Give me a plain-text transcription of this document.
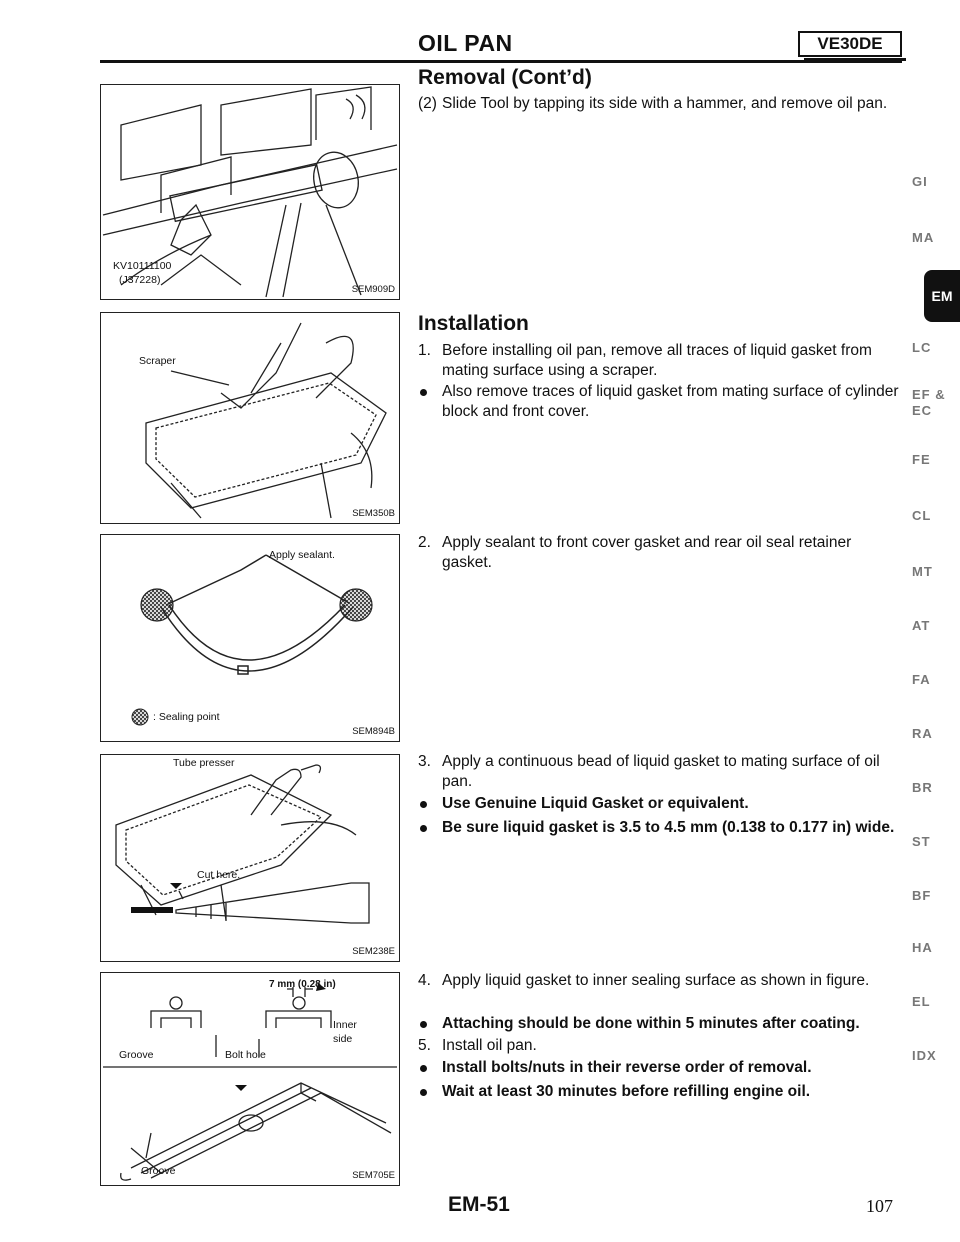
OIL PAN	VE30DE
Removal (Cont’d)
(2) Slide Tool by tapping its side with a hammer, and remove oil pan.
Installation
1. Before installing oil pan, remove all traces of liquid gasket from mating surface using a scraper.
Also remove traces of liquid gasket from mating surface of cylinder block and front cover.
2. Apply sealant to front cover gasket and rear oil seal retainer gasket.
3. Apply a continuous bead of liquid gasket to mating surface of oil pan.
Use Genuine Liquid Gasket or equivalent.
Be sure liquid gasket is 3.5 to 4.5 mm (0.138 to 0.177 in) wide.
4. Apply liquid gasket to inner sealing surface as shown in figure.
Attaching should be done within 5 minutes after coating.
5. Install oil pan.
Install bolts/nuts in their reverse order of removal.
Wait at least 30 minutes before refilling engine oil.
KV10111100
(J37228)
SEM909D
Scraper
SEM350B
Apply sealant.
: Sealing point
SEM894B
Tube presser
Cut here.
SEM238E
7 mm (0.28 in)
Inner
side
Groove	Bolt hole
Groove	SEM705E
GI
MA
EM
LC
EF &
EC
FE
CL
MT
AT
FA
RA
BR
ST
BF
HA
EL
IDX
EM-51	107
